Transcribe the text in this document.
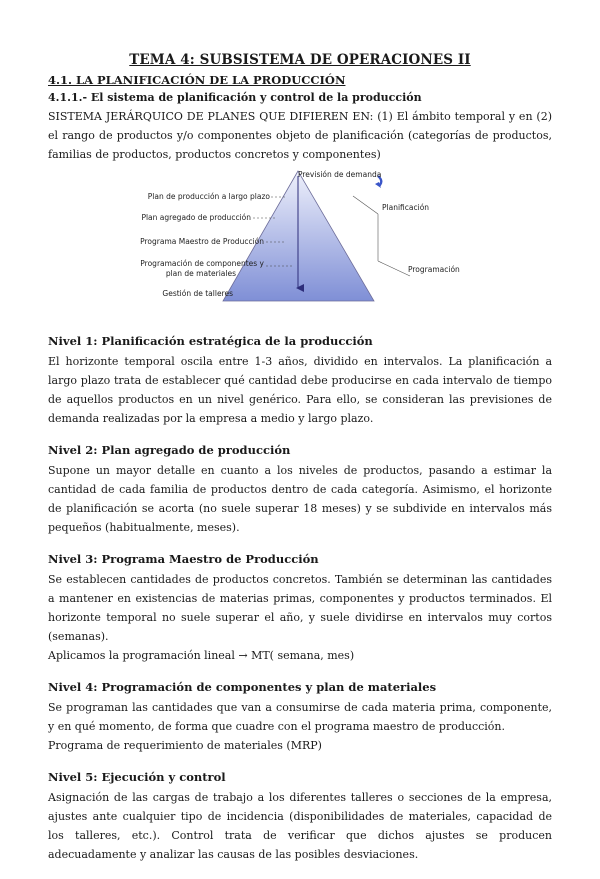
TEMA 4: SUBSISTEMA DE OPERACIONES II
4.1. LA PLANIFICACIÓN DE LA PRODUCCIÓN
4.1.1.- El sistema de planificación y control de la producción

SISTEMA JERÁRQUICO DE PLANES QUE DIFIEREN EN: (1) El ámbito temporal y en (2) el rango de productos y/o componentes objeto de planificación (categorías de productos, familias de productos, productos concretos y componentes)

Previsión de demanda
Plan de producción a largo plazo
Plan agregado de producción
Programa Maestro de Producción
Programación de componentes y
plan de materiales
Gestión de talleres
Planificación
Programación
Nivel 1: Planificación estratégica de la producción

El horizonte temporal oscila entre 1-3 años, dividido en intervalos. La planificación a largo plazo trata de establecer qué cantidad debe producirse en cada intervalo de tiempo de aquellos productos en un nivel genérico. Para ello, se consideran las previsiones de demanda realizadas por la empresa a medio y largo plazo.

Nivel 2: Plan agregado de producción

Supone un mayor detalle en cuanto a los niveles de productos, pasando a estimar la cantidad de cada familia de productos dentro de cada categoría. Asimismo, el horizonte de planificación se acorta (no suele superar 18 meses) y se subdivide en intervalos más pequeños (habitualmente, meses).

Nivel 3: Programa Maestro de Producción

Se establecen cantidades de productos concretos. También se determinan las cantidades a mantener en existencias de materias primas, componentes y productos terminados. El horizonte temporal no suele superar el año, y suele dividirse en intervalos muy cortos (semanas).

Aplicamos la programación lineal → MT( semana, mes)

Nivel 4: Programación de componentes y plan de materiales

Se programan las cantidades que van a consumirse de cada materia prima, componente, y en qué momento, de forma que cuadre con el programa maestro de producción.

Programa de requerimiento de materiales (MRP)

Nivel 5: Ejecución y control

Asignación de las cargas de trabajo a los diferentes talleres o secciones de la empresa, ajustes ante cualquier tipo de incidencia (disponibilidades de materiales, capacidad de los talleres, etc.). Control trata de verificar que dichos ajustes se producen adecuadamente y analizar las causas de las posibles desviaciones.
